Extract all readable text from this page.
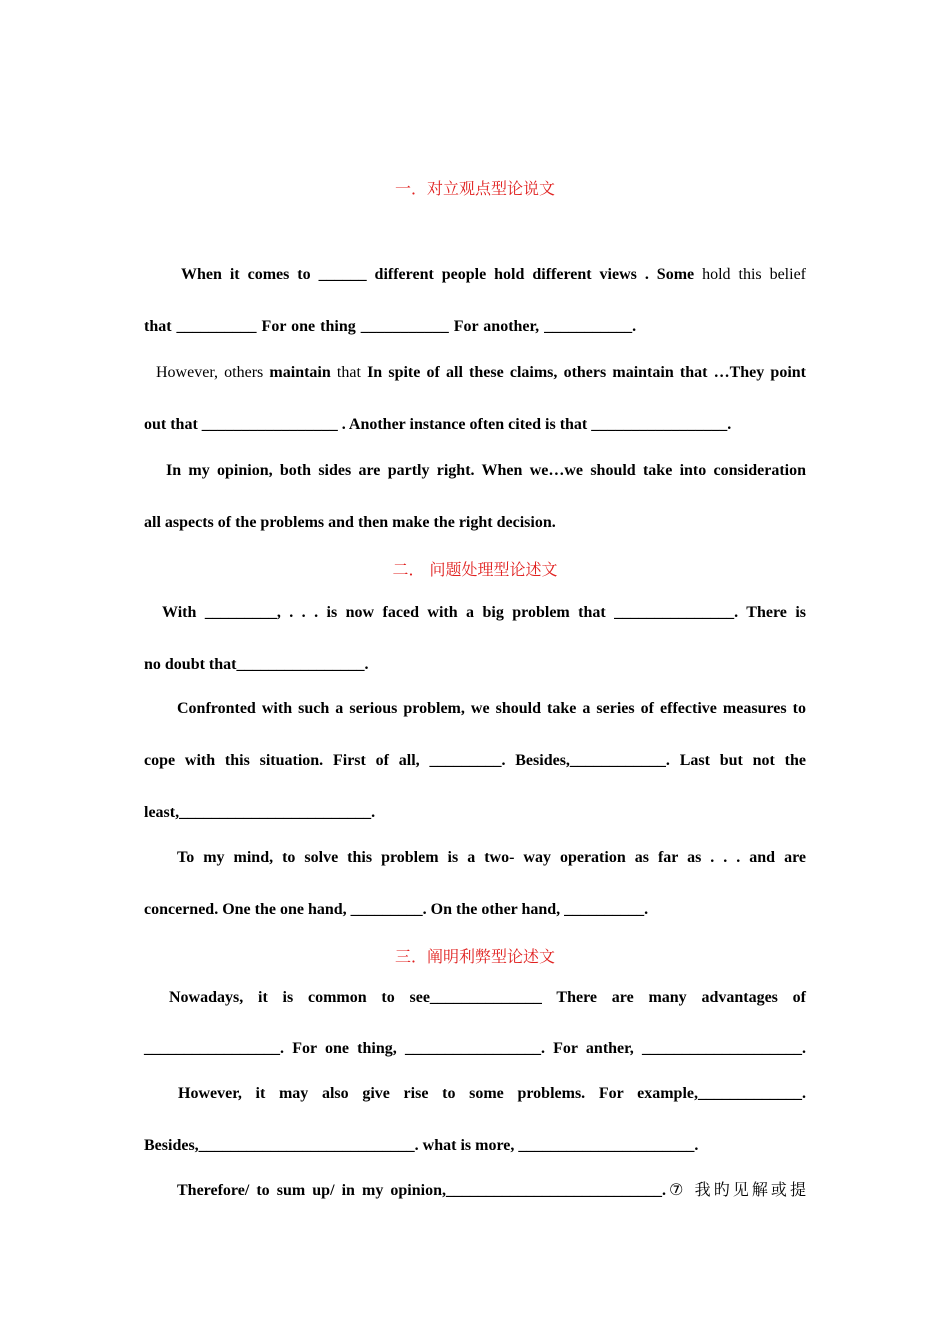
一．对立观点型论说文
When it comes to ______ different people hold different views . Some hold this belief
that __________ For one thing ___________ For another, ___________.
However, others maintain that In spite of all these claims, others maintain that …They point
out that _________________ . Another instance often cited is that _________________.
In my opinion, both sides are partly right. When we…we should take into consideration
all aspects of the problems and then make the right decision.
二． 问题处理型论述文
With _________, . . . is now faced with a big problem that _______________. There is
no doubt that________________.
Confronted with such a serious problem, we should take a series of effective measures to
cope with this situation. First of all, _________. Besides,____________. Last but not the
least,________________________.
To my mind, to solve this problem is a two- way operation as far as . . . and are
concerned. One the one hand, _________. On the other hand, __________.
三．阐明利弊型论述文
Nowadays, it is common to see______________ There are many advantages of
_________________. For one thing, _________________. For anther, ____________________.
However, it may also give rise to some problems. For example,_____________.
Besides,___________________________. what is more, ______________________.
Therefore/ to sum up/ in my opinion,___________________________.⑦ 我旳见解或提
